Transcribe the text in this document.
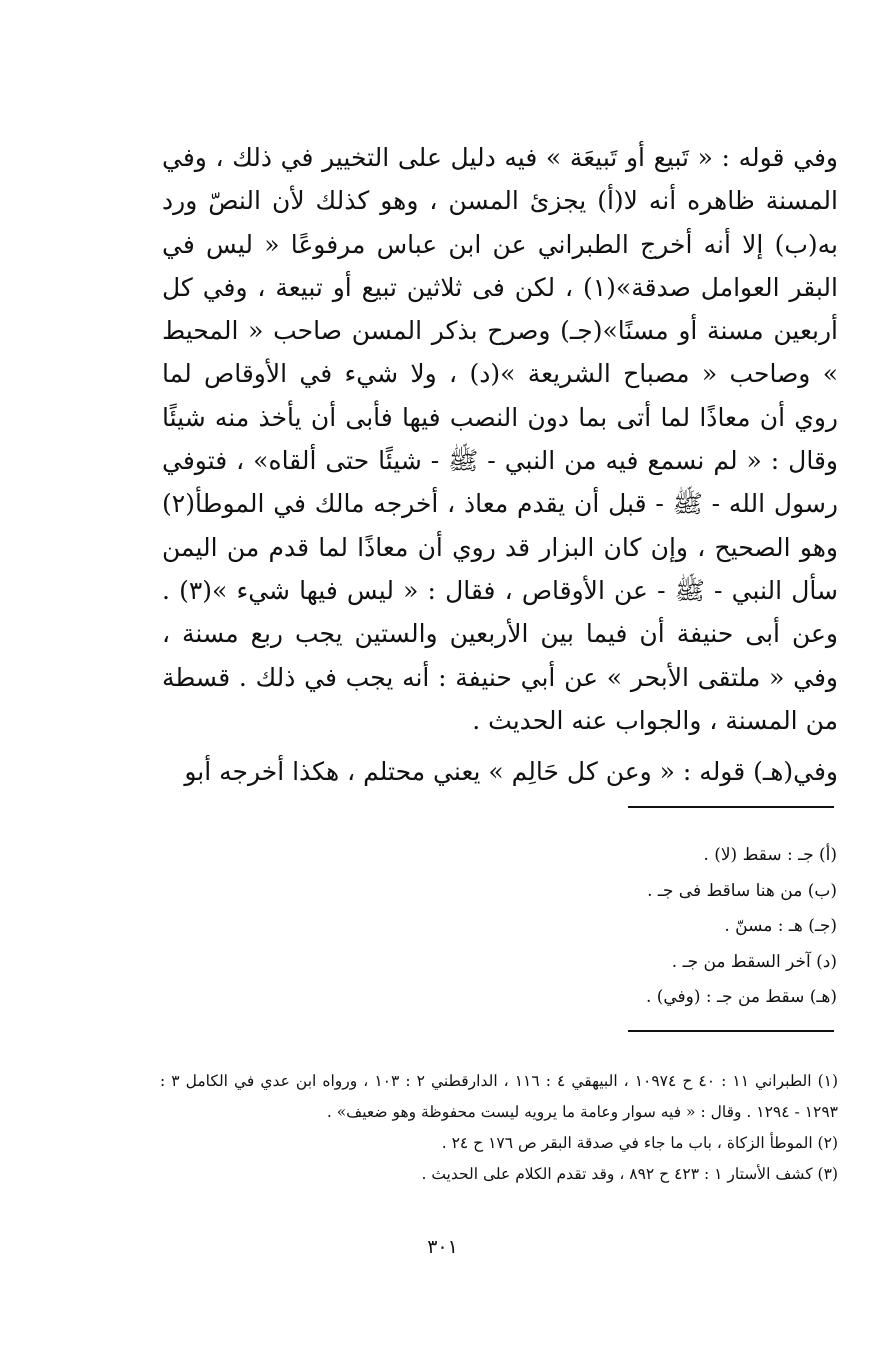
وفي قوله : « تَبيع أو تَبيعَة » فيه دليل على التخيير في ذلك ، وفي المسنة ظاهره أنه لا(أ) يجزئ المسن ، وهو كذلك لأن النصّ ورد به(ب) إلا أنه أخرج الطبراني عن ابن عباس مرفوعًا « ليس في البقر العوامل صدقة»(١) ، لكن فى ثلاثين تبيع أو تبيعة ، وفي كل أربعين مسنة أو مسنًا»(جـ) وصرح بذكر المسن صاحب « المحيط » وصاحب « مصباح الشريعة »(د) ، ولا شيء في الأوقاص لما روي أن معاذًا لما أتى بما دون النصب فيها فأبى أن يأخذ منه شيئًا وقال : « لم نسمع فيه من النبي - ﷺ - شيئًا حتى ألقاه» ، فتوفي رسول الله - ﷺ - قبل أن يقدم معاذ ، أخرجه مالك في الموطأ(٢) وهو الصحيح ، وإن كان البزار قد روي أن معاذًا لما قدم من اليمن سأل النبي - ﷺ - عن الأوقاص ، فقال : « ليس فيها شيء »(٣) . وعن أبى حنيفة أن فيما بين الأربعين والستين يجب ربع مسنة ، وفي « ملتقى الأبحر » عن أبي حنيفة : أنه يجب في ذلك . قسطة من المسنة ، والجواب عنه الحديث .

وفي(هـ) قوله : « وعن كل حَالِم » يعني محتلم ، هكذا أخرجه أبو

(أ) جـ : سقط (لا) .
(ب) من هنا ساقط فى جـ .
(جـ) هـ : مسنّ .
(د) آخر السقط من جـ .
(هـ) سقط من جـ : (وفي) .
(١) الطبراني ١١ : ٤٠ ح ١٠٩٧٤ ، البيهقي ٤ : ١١٦ ، الدارقطني ٢ : ١٠٣ ، ورواه ابن عدي في الكامل ٣ : ١٢٩٣ - ١٢٩٤ . وقال : « فيه سوار وعامة ما يرويه ليست محفوظة وهو ضعيف» .
(٢) الموطأ الزكاة ، باب ما جاء في صدقة البقر ص ١٧٦ ح ٢٤ .
(٣) كشف الأستار ١ : ٤٢٣ ح ٨٩٢ ، وقد تقدم الكلام على الحديث .
٣٠١
